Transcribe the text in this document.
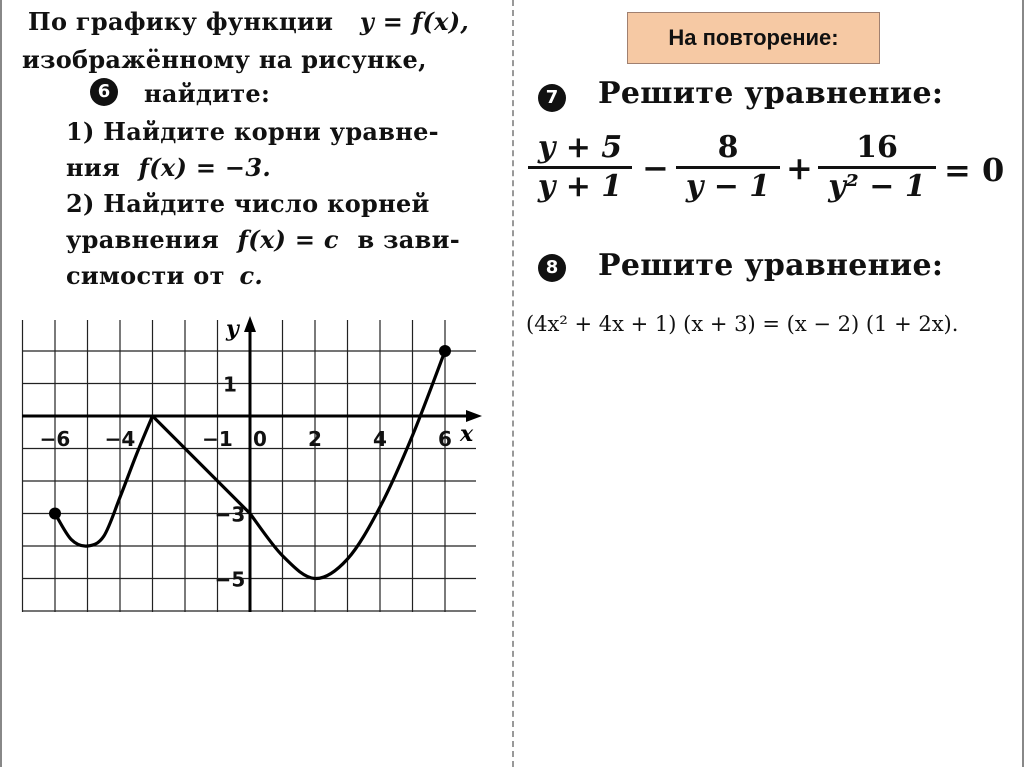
По графику функции y = f(x),
изображённому на рисунке,
6	найдите:
1) Найдите корни уравне-
ния f(x) = −3.
2) Найдите число корней
уравнения f(x) = c в зави-
симости от c.
x
y
−6 −4	−1 0 2	4	6
1
−3
−5
На повторение:
7 Решите уравнение:
$\frac{y + 5}{y + 1} - \frac{8}{y - 1} + \frac{16}{\text{y² − 1}} = 0$
8 Решите уравнение:
(4x² + 4x + 1) (x + 3) = (x − 2) (1 + 2x).
